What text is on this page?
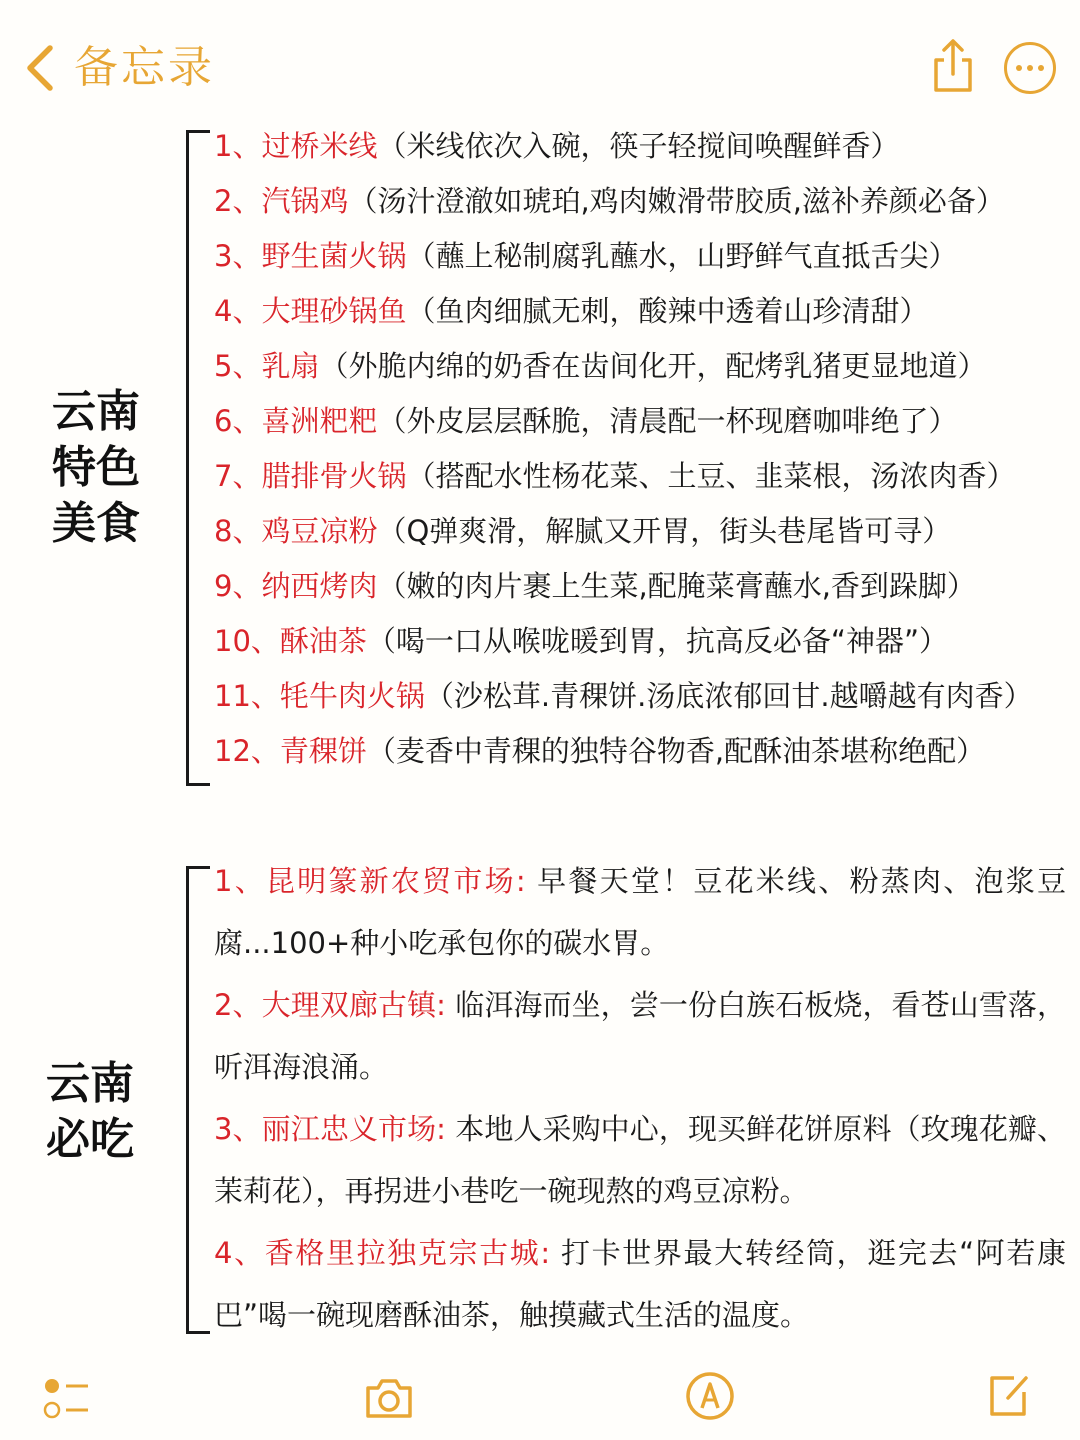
备忘录
云南
特色
美食
1、过桥米线（米线依次入碗，筷子轻搅间唤醒鲜香）
2、汽锅鸡（汤汁澄澈如琥珀,鸡肉嫩滑带胶质,滋补养颜必备）
3、野生菌火锅（蘸上秘制腐乳蘸水，山野鲜气直抵舌尖）
4、大理砂锅鱼（鱼肉细腻无刺，酸辣中透着山珍清甜）
5、乳扇（外脆内绵的奶香在齿间化开，配烤乳猪更显地道）
6、喜洲粑粑（外皮层层酥脆，清晨配一杯现磨咖啡绝了）
7、腊排骨火锅（搭配水性杨花菜、土豆、韭菜根，汤浓肉香）
8、鸡豆凉粉（Q弹爽滑，解腻又开胃，街头巷尾皆可寻）
9、纳西烤肉（嫩的肉片裹上生菜,配腌菜膏蘸水,香到跺脚）
10、酥油茶（喝一口从喉咙暖到胃，抗高反必备“神器”）
11、牦牛肉火锅（沙松茸.青稞饼.汤底浓郁回甘.越嚼越有肉香）
12、青稞饼（麦香中青稞的独特谷物香,配酥油茶堪称绝配）
云南
必吃

1、昆明篆新农贸市场: 早餐天堂！豆花米线、粉蒸肉、泡浆豆腐...100+种小吃承包你的碳水胃。

2、大理双廊古镇: 临洱海而坐，尝一份白族石板烧，看苍山雪落，听洱海浪涌。

3、丽江忠义市场: 本地人采购中心，现买鲜花饼原料（玫瑰花瓣、茉莉花），再拐进小巷吃一碗现熬的鸡豆凉粉。

4、香格里拉独克宗古城: 打卡世界最大转经筒，逛完去“阿若康巴”喝一碗现磨酥油茶，触摸藏式生活的温度。
